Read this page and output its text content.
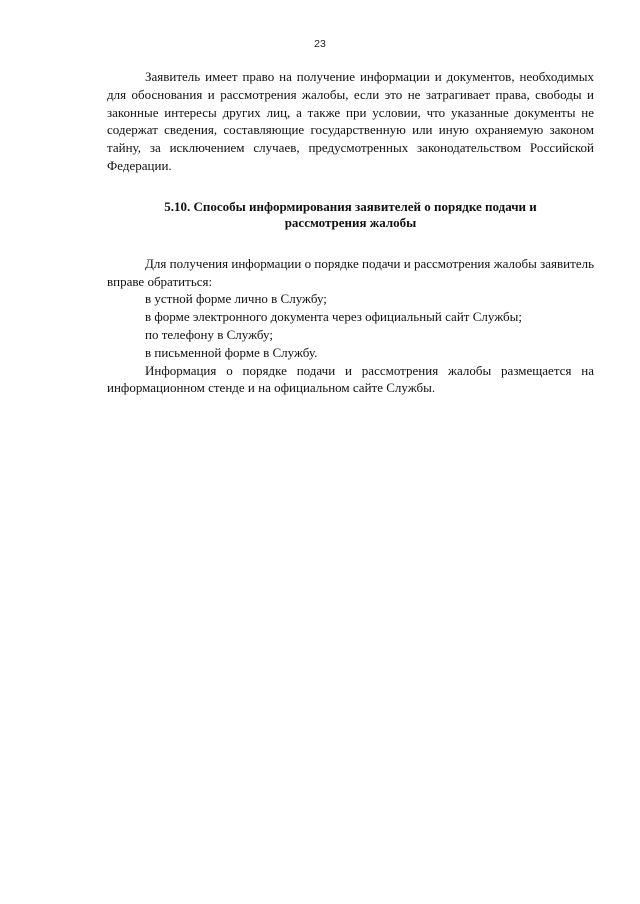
23

Заявитель имеет право на получение информации и документов, необходимых для обоснования и рассмотрения жалобы, если это не затрагивает права, свободы и законные интересы других лиц, а также при условии, что указанные документы не содержат сведения, составляющие государственную или иную охраняемую законом тайну, за исключением случаев, предусмотренных законодательством Российской Федерации.

5.10. Способы информирования заявителей о порядке подачи и рассмотрения жалобы

Для получения информации о порядке подачи и рассмотрения жалобы заявитель вправе обратиться:

в устной форме лично в Службу;

в форме электронного документа через официальный сайт Службы;

по телефону в Службу;

в письменной форме в Службу.

Информация о порядке подачи и рассмотрения жалобы размещается на информационном стенде и на официальном сайте Службы.
